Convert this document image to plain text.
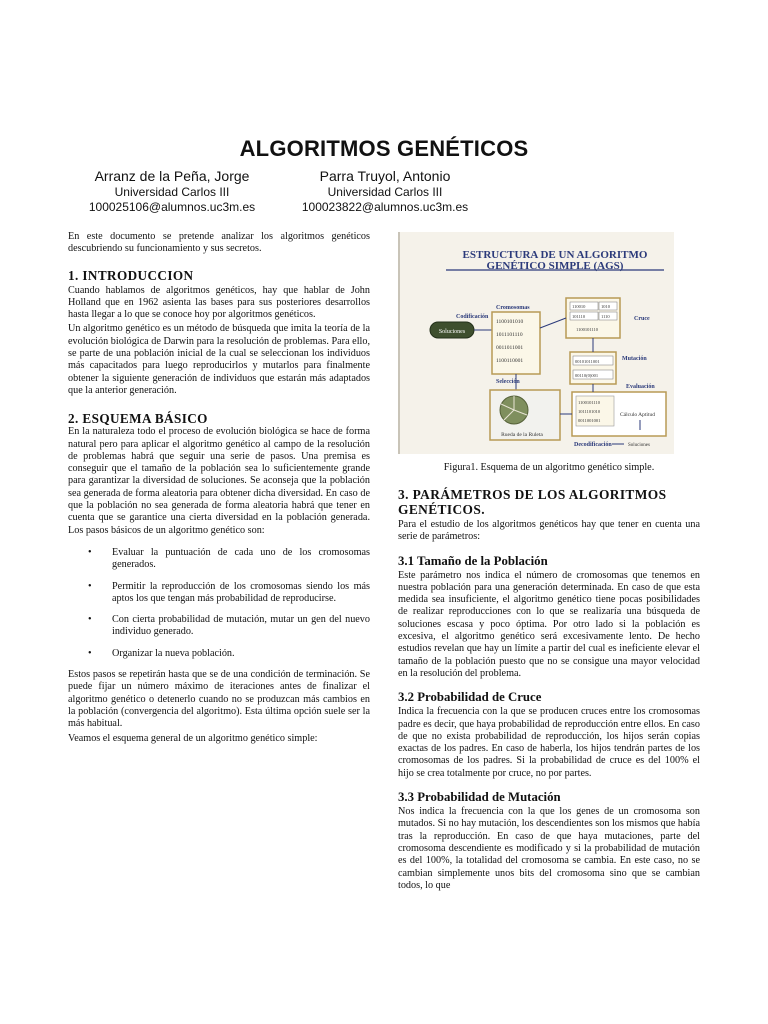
ALGORITMOS GENÉTICOS
Arranz de la Peña, Jorge
Universidad Carlos III
100025106@alumnos.uc3m.es
Parra Truyol, Antonio
Universidad Carlos III
100023822@alumnos.uc3m.es

En este documento se pretende analizar los algoritmos genéticos descubriendo su funcionamiento y sus secretos.

1. INTRODUCCION

Cuando hablamos de algoritmos genéticos, hay que hablar de John Holland que en 1962 asienta las bases para sus posteriores desarrollos hasta llegar a lo que se conoce hoy por algoritmos genéticos.

Un algoritmo genético es un método de búsqueda que imita la teoría de la evolución biológica de Darwin para la resolución de problemas. Para ello, se parte de una población inicial de la cual se seleccionan los individuos más capacitados para luego reproducirlos y mutarlos para finalmente obtener la siguiente generación de individuos que estarán más adaptados que la anterior generación.

2. ESQUEMA BÁSICO

En la naturaleza todo el proceso de evolución biológica se hace de forma natural pero para aplicar el algoritmo genético al campo de la resolución de problemas habrá que seguir una serie de pasos. Una premisa es conseguir que el tamaño de la población sea lo suficientemente grande para garantizar la diversidad de soluciones. Se aconseja que la población sea generada de forma aleatoria para obtener dicha diversidad. En caso de que la población no sea generada de forma aleatoria habrá que tener en cuenta que se garantice una cierta diversidad en la población generada. Los pasos básicos de un algoritmo genético son:

• Evaluar la puntuación de cada uno de los cromosomas generados.
• Permitir la reproducción de los cromosomas siendo los más aptos los que tengan más probabilidad de reproducirse.
• Con cierta probabilidad de mutación, mutar un gen del nuevo individuo generado.
• Organizar la nueva población.

Estos pasos se repetirán hasta que se de una condición de terminación. Se puede fijar un número máximo de iteraciones antes de finalizar el algoritmo genético o detenerlo cuando no se produzcan más cambios en la población (convergencia del algoritmo). Esta última opción suele ser la más habitual.

Veamos el esquema general de un algoritmo genético simple:

ESTRUCTURA DE UN ALGORITMO
GENÉTICO SIMPLE (AGS)
Soluciones
Codificación
Cromosomas
1100101010
1011101110
0011011001
1100110001
110010	1010
101110	1110
1100101110
Cruce
00101011001
00110(0)001
Mutación
Selección
Rueda de la Ruleta
Evaluación
1100101110
1011101010
0011001001
Cálculo Aptitud
Decodificación	Soluciones
Figura1. Esquema de un algoritmo genético simple.
3. PARÁMETROS DE LOS ALGORITMOS
GENÉTICOS.

Para el estudio de los algoritmos genéticos hay que tener en cuenta una serie de parámetros:

3.1 Tamaño de la Población

Este parámetro nos indica el número de cromosomas que tenemos en nuestra población para una generación determinada. En caso de que esta medida sea insuficiente, el algoritmo genético tiene pocas posibilidades de realizar reproducciones con lo que se realizaría una búsqueda de soluciones escasa y poco óptima. Por otro lado si la población es excesiva, el algoritmo genético será excesivamente lento. De hecho estudios revelan que hay un límite a partir del cual es ineficiente elevar el tamaño de la población puesto que no se consigue una mayor velocidad en la resolución del problema.

3.2 Probabilidad de Cruce

Indica la frecuencia con la que se producen cruces entre los cromosomas padre es decir, que haya probabilidad de reproducción entre ellos. En caso de que no exista probabilidad de reproducción, los hijos serán copias exactas de los padres. En caso de haberla, los hijos tendrán partes de los cromosomas de los padres. Si la probabilidad de cruce es del 100% el hijo se crea totalmente por cruce, no por partes.

3.3 Probabilidad de Mutación

Nos indica la frecuencia con la que los genes de un cromosoma son mutados. Si no hay mutación, los descendientes son los mismos que había tras la reproducción. En caso de que haya mutaciones, parte del cromosoma descendiente es modificado y si la probabilidad de mutación es del 100%, la totalidad del cromosoma se cambia. En este caso, no se cambian simplemente unos bits del cromosoma sino que se cambian todos, lo que
